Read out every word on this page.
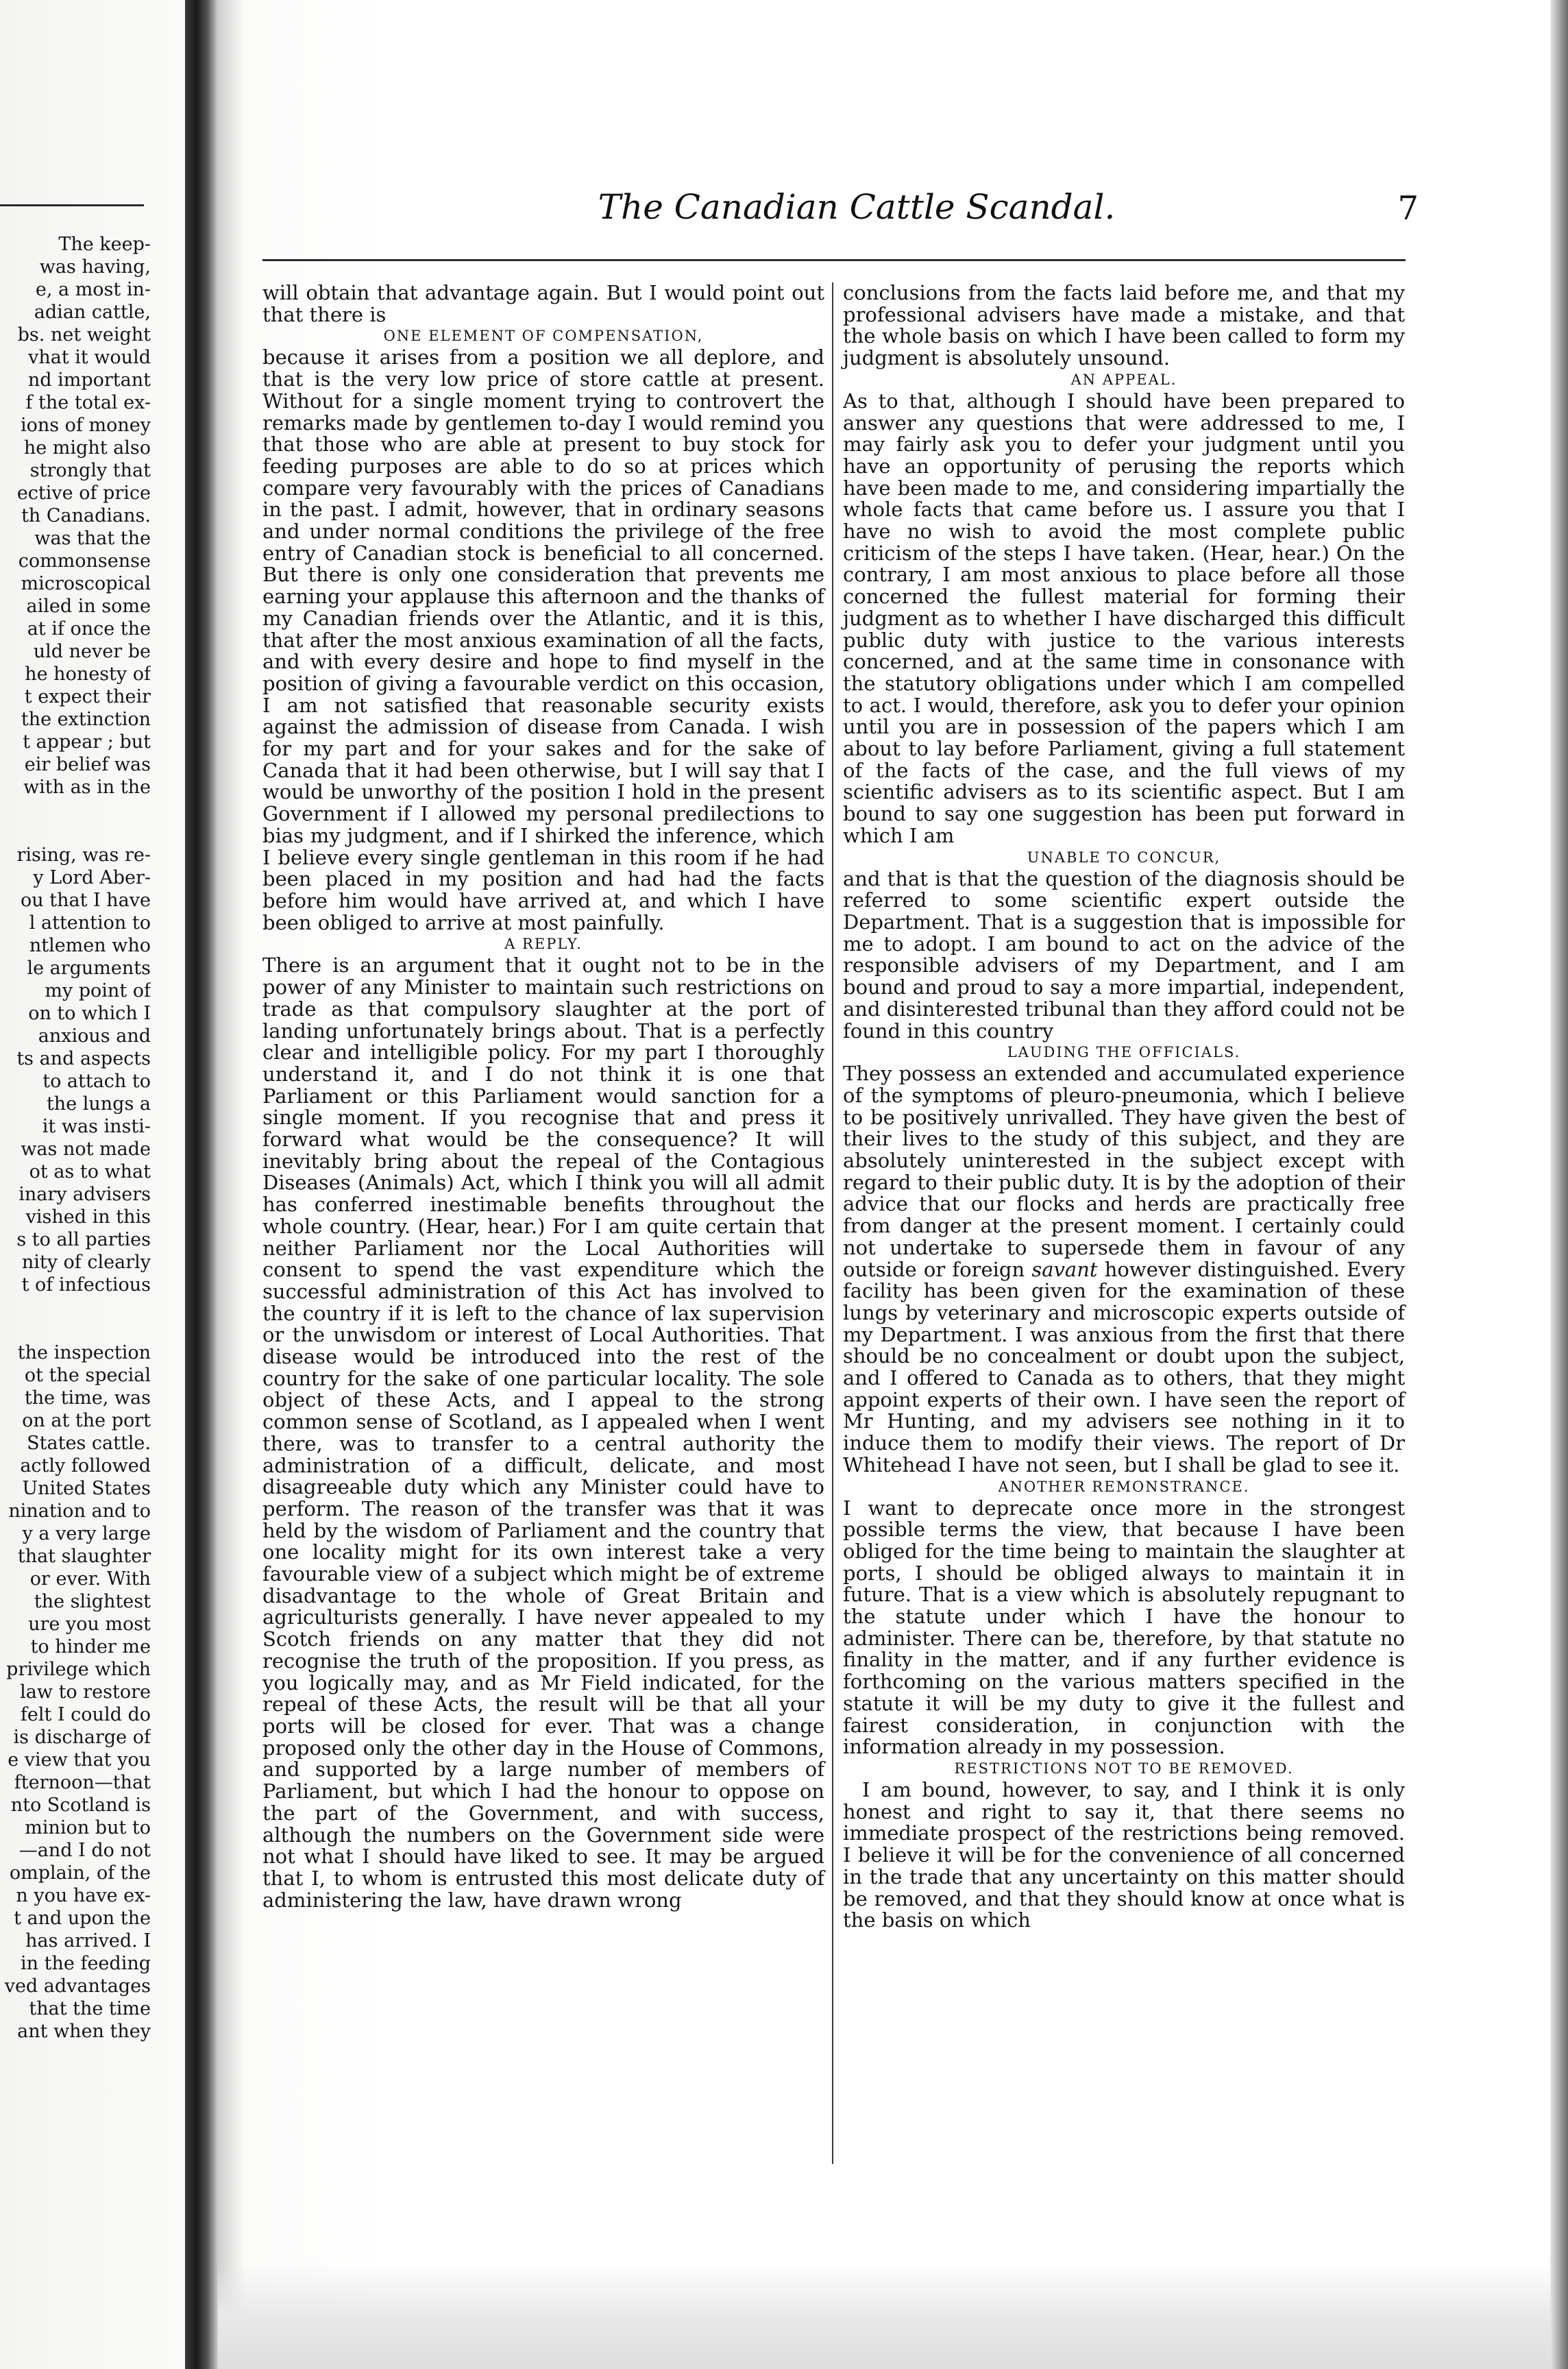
The keep-
was having,
e, a most in-
adian cattle,
bs. net weight
vhat it would
nd important
f the total ex-
ions of money
he might also
strongly that
ective of price
th Canadians.
was that the
commonsense
microscopical
ailed in some
at if once the
uld never be
he honesty of
t expect their
the extinction
t appear ; but
eir belief was
with as in the
rising, was re-
y Lord Aber-
ou that I have
l attention to
ntlemen who
le arguments
my point of
on to which I
anxious and
ts and aspects
to attach to
the lungs a
it was insti-
was not made
ot as to what
inary advisers
vished in this
s to all parties
nity of clearly
t of infectious
the inspection
ot the special
the time, was
on at the port
States cattle.
actly followed
United States
nination and to
y a very large
that slaughter
or ever. With
the slightest
ure you most
to hinder me
privilege which
law to restore
felt I could do
is discharge of
e view that you
fternoon—that
nto Scotland is
minion but to
—and I do not
omplain, of the
n you have ex-
t and upon the
has arrived. I
in the feeding
ved advantages
that the time
ant when they
The Canadian Cattle Scandal.	7

will obtain that advantage again. But I would point out that there is

ONE ELEMENT OF COMPENSATION,

because it arises from a position we all deplore, and that is the very low price of store cattle at present. Without for a single moment trying to controvert the remarks made by gentlemen to-day I would remind you that those who are able at present to buy stock for feeding purposes are able to do so at prices which compare very favourably with the prices of Canadians in the past. I admit, however, that in ordinary seasons and under normal conditions the privilege of the free entry of Canadian stock is beneficial to all concerned. But there is only one consideration that prevents me earning your applause this afternoon and the thanks of my Canadian friends over the Atlantic, and it is this, that after the most anxious examination of all the facts, and with every desire and hope to find myself in the position of giving a favourable verdict on this occasion, I am not satisfied that reasonable security exists against the admission of disease from Canada. I wish for my part and for your sakes and for the sake of Canada that it had been otherwise, but I will say that I would be unworthy of the position I hold in the present Government if I allowed my personal predilections to bias my judgment, and if I shirked the inference, which I believe every single gentleman in this room if he had been placed in my position and had had the facts before him would have arrived at, and which I have been obliged to arrive at most painfully.

A REPLY.

There is an argument that it ought not to be in the power of any Minister to maintain such restrictions on trade as that compulsory slaughter at the port of landing unfortunately brings about. That is a perfectly clear and intelligible policy. For my part I thoroughly understand it, and I do not think it is one that Parliament or this Parliament would sanction for a single moment. If you recognise that and press it forward what would be the consequence? It will inevitably bring about the repeal of the Contagious Diseases (Animals) Act, which I think you will all admit has conferred inestimable benefits throughout the whole country. (Hear, hear.) For I am quite certain that neither Parliament nor the Local Authorities will consent to spend the vast expenditure which the successful administration of this Act has involved to the country if it is left to the chance of lax supervision or the unwisdom or interest of Local Authorities. That disease would be introduced into the rest of the country for the sake of one particular locality. The sole object of these Acts, and I appeal to the strong common sense of Scotland, as I appealed when I went there, was to transfer to a central authority the administration of a difficult, delicate, and most disagreeable duty which any Minister could have to perform. The reason of the transfer was that it was held by the wisdom of Parliament and the country that one locality might for its own interest take a very favourable view of a subject which might be of extreme disadvantage to the whole of Great Britain and agriculturists generally. I have never appealed to my Scotch friends on any matter that they did not recognise the truth of the proposition. If you press, as you logically may, and as Mr Field indicated, for the repeal of these Acts, the result will be that all your ports will be closed for ever. That was a change proposed only the other day in the House of Commons, and supported by a large number of members of Parliament, but which I had the honour to oppose on the part of the Government, and with success, although the numbers on the Government side were not what I should have liked to see. It may be argued that I, to whom is entrusted this most delicate duty of administering the law, have drawn wrong

conclusions from the facts laid before me, and that my professional advisers have made a mistake, and that the whole basis on which I have been called to form my judgment is absolutely unsound.

AN APPEAL.

As to that, although I should have been prepared to answer any questions that were addressed to me, I may fairly ask you to defer your judgment until you have an opportunity of perusing the reports which have been made to me, and considering impartially the whole facts that came before us. I assure you that I have no wish to avoid the most complete public criticism of the steps I have taken. (Hear, hear.) On the contrary, I am most anxious to place before all those concerned the fullest material for forming their judgment as to whether I have discharged this difficult public duty with justice to the various interests concerned, and at the same time in consonance with the statutory obligations under which I am compelled to act. I would, therefore, ask you to defer your opinion until you are in possession of the papers which I am about to lay before Parliament, giving a full statement of the facts of the case, and the full views of my scientific advisers as to its scientific aspect. But I am bound to say one suggestion has been put forward in which I am

UNABLE TO CONCUR,

and that is that the question of the diagnosis should be referred to some scientific expert outside the Department. That is a suggestion that is impossible for me to adopt. I am bound to act on the advice of the responsible advisers of my Department, and I am bound and proud to say a more impartial, independent, and disinterested tribunal than they afford could not be found in this country

LAUDING THE OFFICIALS.

They possess an extended and accumulated experience of the symptoms of pleuro-pneumonia, which I believe to be positively unrivalled. They have given the best of their lives to the study of this subject, and they are absolutely uninterested in the subject except with regard to their public duty. It is by the adoption of their advice that our flocks and herds are practically free from danger at the present moment. I certainly could not undertake to supersede them in favour of any outside or foreign savant however distinguished. Every facility has been given for the examination of these lungs by veterinary and microscopic experts outside of my Department. I was anxious from the first that there should be no concealment or doubt upon the subject, and I offered to Canada as to others, that they might appoint experts of their own. I have seen the report of Mr Hunting, and my advisers see nothing in it to induce them to modify their views. The report of Dr Whitehead I have not seen, but I shall be glad to see it.

ANOTHER REMONSTRANCE.

I want to deprecate once more in the strongest possible terms the view, that because I have been obliged for the time being to maintain the slaughter at ports, I should be obliged always to maintain it in future. That is a view which is absolutely repugnant to the statute under which I have the honour to administer. There can be, therefore, by that statute no finality in the matter, and if any further evidence is forthcoming on the various matters specified in the statute it will be my duty to give it the fullest and fairest consideration, in conjunction with the information already in my possession.

RESTRICTIONS NOT TO BE REMOVED.

I am bound, however, to say, and I think it is only honest and right to say it, that there seems no immediate prospect of the restrictions being removed. I believe it will be for the convenience of all concerned in the trade that any uncertainty on this matter should be removed, and that they should know at once what is the basis on which
